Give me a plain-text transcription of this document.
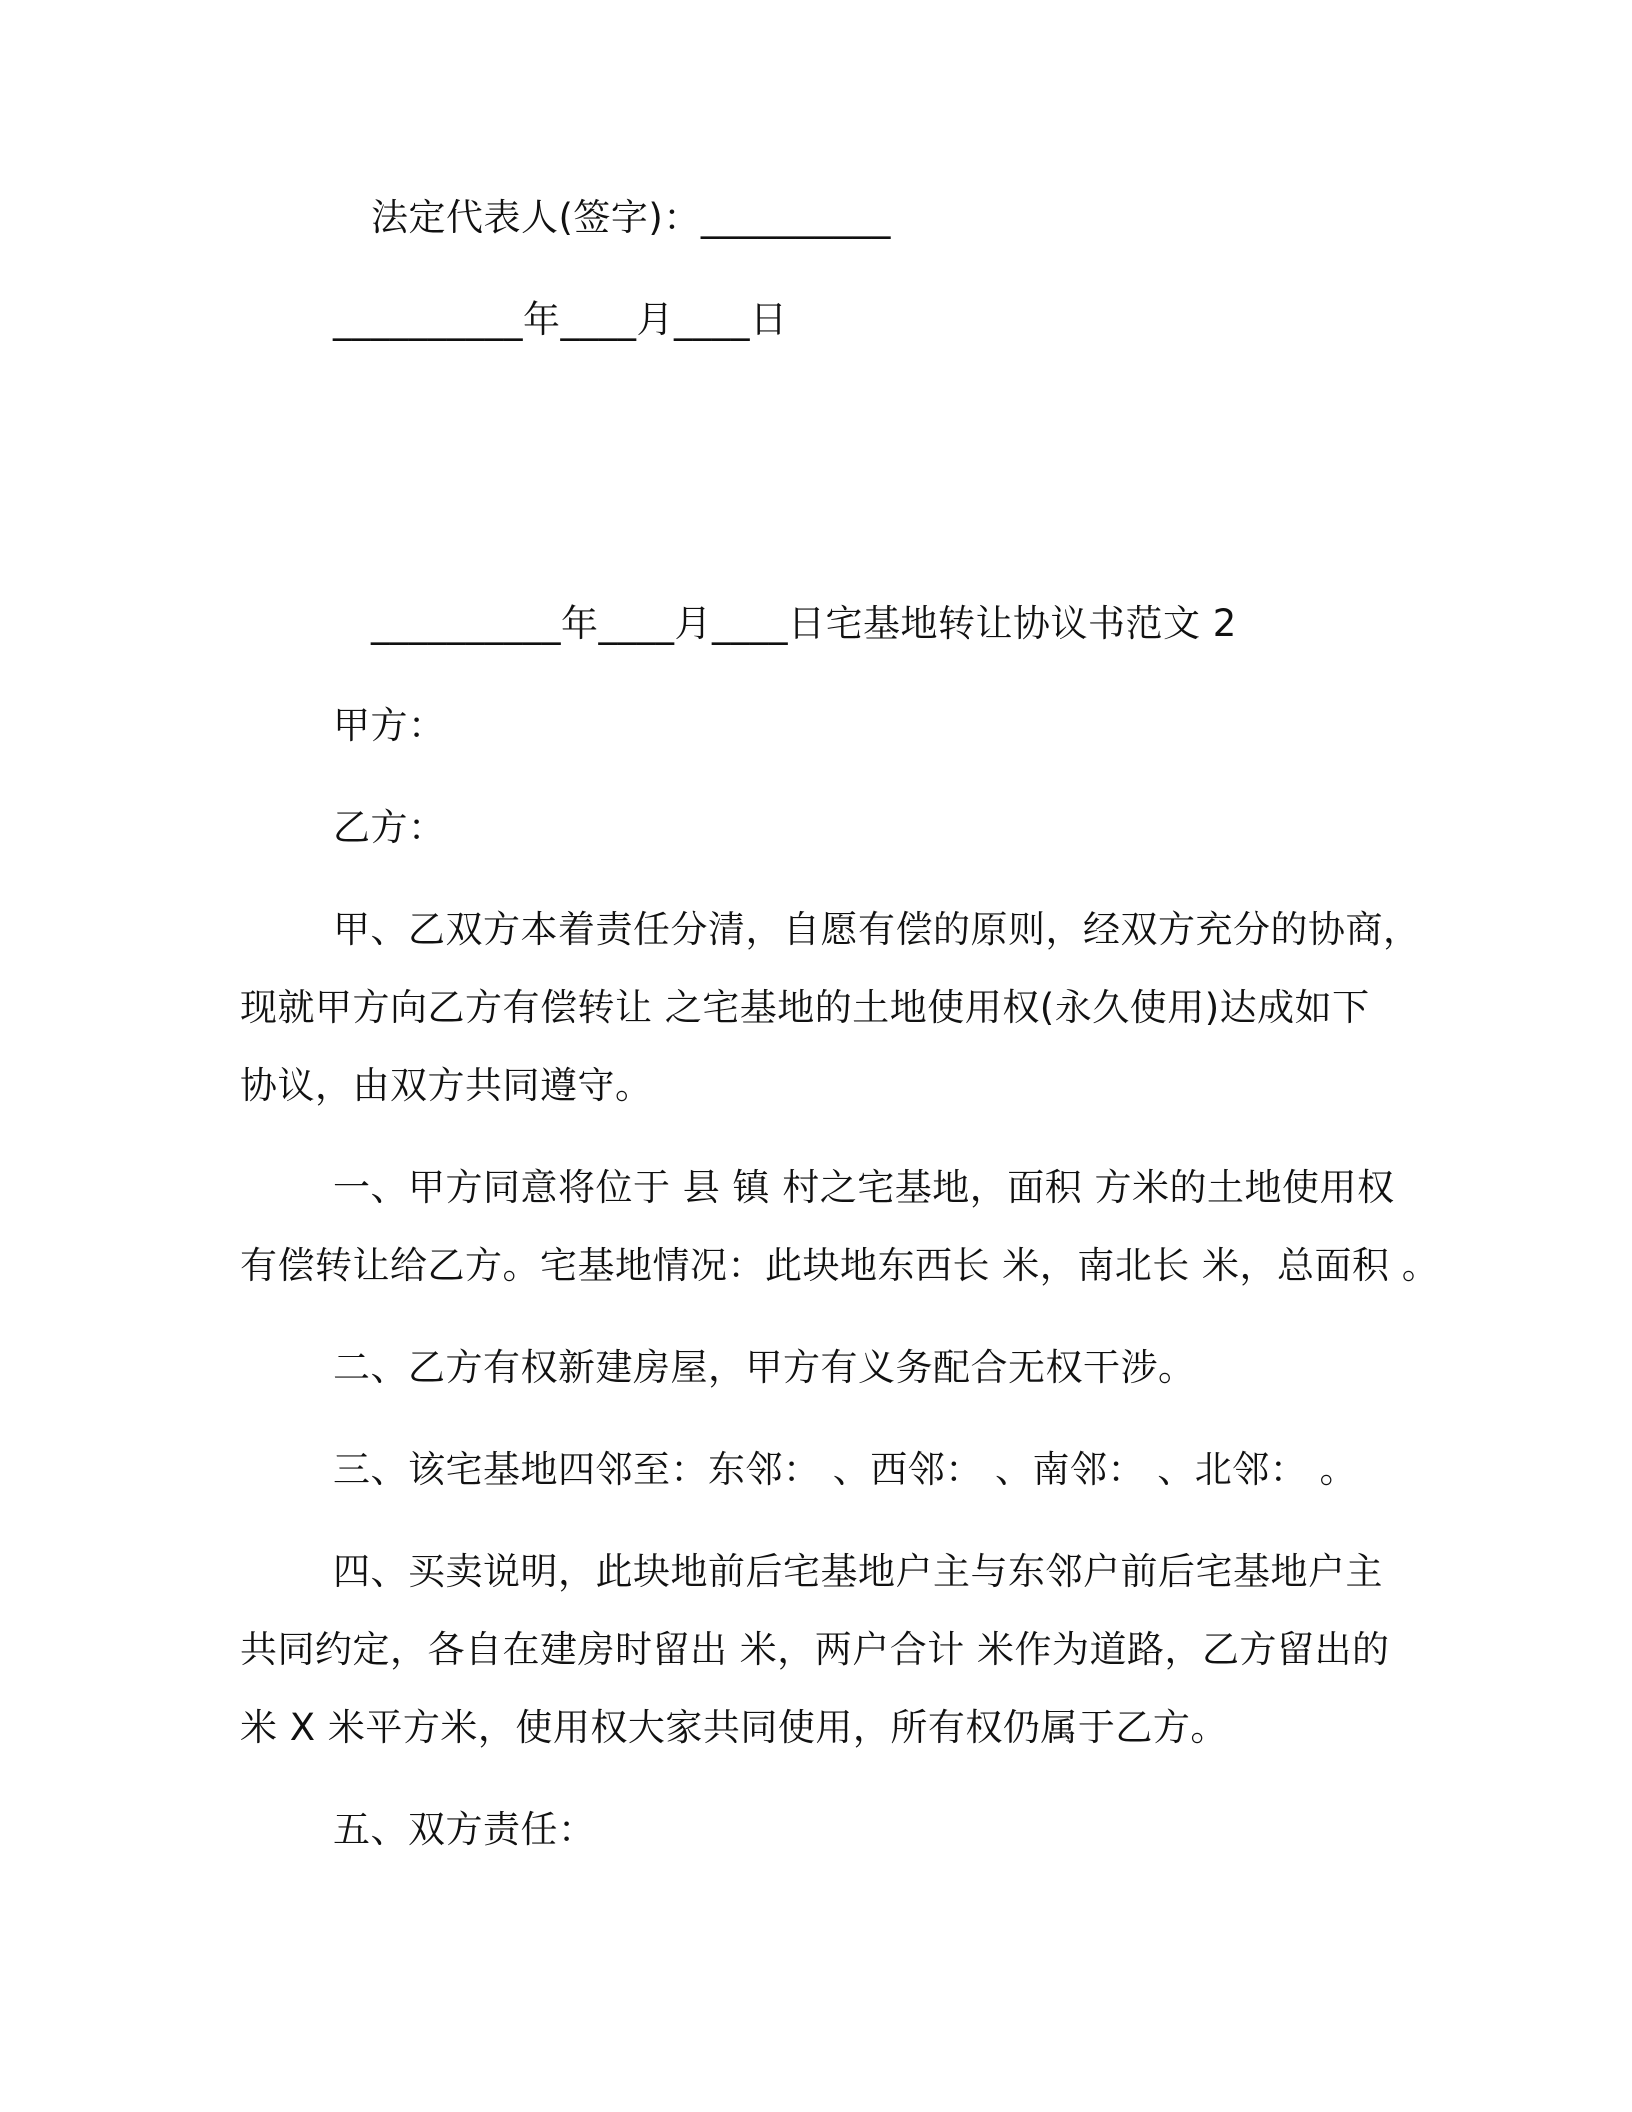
法定代表人(签字)：__________
__________年____月____日
__________年____月____日宅基地转让协议书范文 2
甲方：
乙方：
甲、乙双方本着责任分清，自愿有偿的原则，经双方充分的协商，
现就甲方向乙方有偿转让 之宅基地的土地使用权(永久使用)达成如下
协议，由双方共同遵守。
一、甲方同意将位于 县 镇 村之宅基地，面积 方米的土地使用权
有偿转让给乙方。宅基地情况：此块地东西长 米，南北长 米，总面积 。
二、乙方有权新建房屋，甲方有义务配合无权干涉。
三、该宅基地四邻至：东邻： 、西邻： 、南邻： 、北邻： 。
四、买卖说明，此块地前后宅基地户主与东邻户前后宅基地户主
共同约定，各自在建房时留出 米，两户合计 米作为道路，乙方留出的
米 X 米平方米，使用权大家共同使用，所有权仍属于乙方。
五、双方责任：
